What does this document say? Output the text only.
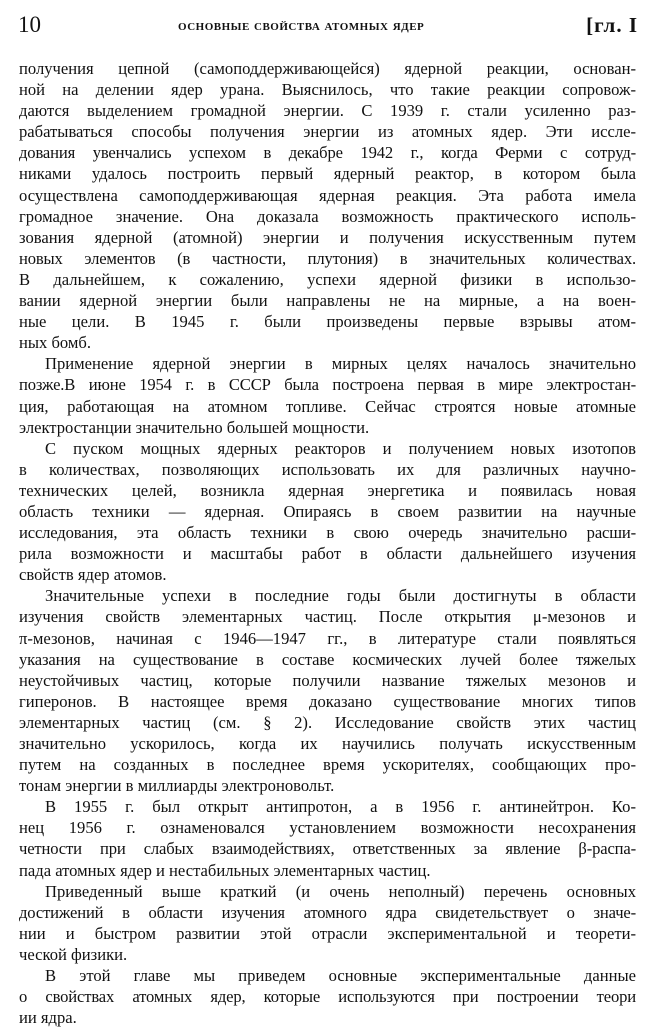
10	основные свойства атомных ядер	[гл. I
получения цепной (самоподдерживающейся) ядерной реакции, основан-
ной на делении ядер урана. Выяснилось, что такие реакции сопровож-
даются выделением громадной энергии. С 1939 г. стали усиленно раз-
рабатываться способы получения энергии из атомных ядер. Эти иссле-
дования увенчались успехом в декабре 1942 г., когда Ферми с сотруд-
никами удалось построить первый ядерный реактор, в котором была
осуществлена самоподдерживающая ядерная реакция. Эта работа имела
громадное значение. Она доказала возможность практического исполь-
зования ядерной (атомной) энергии и получения искусственным путем
новых элементов (в частности, плутония) в значительных количествах.
В дальнейшем, к сожалению, успехи ядерной физики в использо-
вании ядерной энергии были направлены не на мирные, а на воен-
ные цели. В 1945 г. были произведены первые взрывы атом-
ных бомб.
Применение ядерной энергии в мирных целях началось значительно
позже.В июне 1954 г. в СССР была построена первая в мире электростан-
ция, работающая на атомном топливе. Сейчас строятся новые атомные
электростанции значительно большей мощности.
С пуском мощных ядерных реакторов и получением новых изотопов
в количествах, позволяющих использовать их для различных научно-
технических целей, возникла ядерная энергетика и появилась новая
область техники — ядерная. Опираясь в своем развитии на научные
исследования, эта область техники в свою очередь значительно расши-
рила возможности и масштабы работ в области дальнейшего изучения
свойств ядер атомов.
Значительные успехи в последние годы были достигнуты в области
изучения свойств элементарных частиц. После открытия μ-мезонов и
π-мезонов, начиная с 1946—1947 гг., в литературе стали появляться
указания на существование в составе космических лучей более тяжелых
неустойчивых частиц, которые получили название тяжелых мезонов и
гиперонов. В настоящее время доказано существование многих типов
элементарных частиц (см. § 2). Исследование свойств этих частиц
значительно ускорилось, когда их научились получать искусственным
путем на созданных в последнее время ускорителях, сообщающих про-
тонам энергии в миллиарды электроновольт.
В 1955 г. был открыт антипротон, а в 1956 г. антинейтрон. Ко-
нец 1956 г. ознаменовался установлением возможности несохранения
четности при слабых взаимодействиях, ответственных за явление β-распа-
пада атомных ядер и нестабильных элементарных частиц.
Приведенный выше краткий (и очень неполный) перечень основных
достижений в области изучения атомного ядра свидетельствует о значе-
нии и быстром развитии этой отрасли экспериментальной и теорети-
ческой физики.
В этой главе мы приведем основные экспериментальные данные
о свойствах атомных ядер, которые используются при построении теори
ии ядра.
